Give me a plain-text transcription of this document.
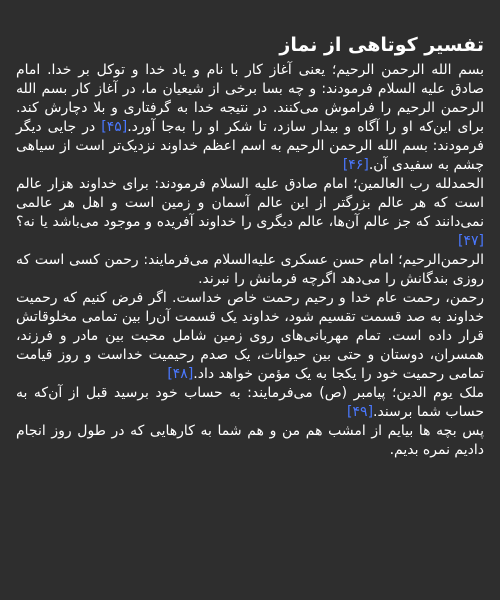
تفسیر کوتاهی از نماز

بسم الله الرحمن الرحیم؛ یعنی آغاز کار با نام و یاد خدا و توکل بر خدا. امام صادق علیه السلام فرمودند: و چه بسا برخی از شیعیان ما، در آغاز کار بسم الله الرحمن الرحیم را فراموش می‌کنند. در نتیجه خدا به گرفتاری و بلا دچارش کند. برای این‌که او را آگاه و بیدار سازد، تا شکر او را به‌جا آورد.[۴۵] در جایی دیگر فرمودند: بسم الله الرحمن الرحیم به اسم اعظم خداوند نزدیک‌تر است از سیاهی چشم به سفیدی آن.[۴۶]

الحمدلله رب العالمین؛ امام صادق علیه السلام فرمودند: برای خداوند هزار عالم است که هر عالم بزرگتر از این عالم آسمان و زمین است و اهل هر عالمی نمی‌دانند که جز عالم آن‌ها، عالم دیگری را خداوند آفریده و موجود می‌باشد یا نه؟[۴۷]

الرحمن‌الرحیم؛ امام حسن عسکری علیه‌السلام می‌فرمایند: رحمن کسی است که روزی بندگانش را می‌دهد اگرچه فرمانش را نبرند.

رحمن، رحمت عام خدا و رحیم رحمت خاص خداست. اگر فرض کنیم که رحمیت خداوند به صد قسمت تقسیم شود، خداوند یک قسمت آن‌را بین تمامی مخلوقاتش قرار داده است. تمام مهربانی‌های روی زمین شامل محبت بین مادر و فرزند، همسران، دوستان و حتی بین حیوانات، یک صدم رحیمیت خداست و روز قیامت تمامی رحمیت خود را یکجا به یک مؤمن خواهد داد.[۴۸]

ملک یوم الدین؛ پیامبر (ص) می‌فرمایند: به حساب خود برسید قبل از آن‌که به حساب شما برسند.[۴۹]

پس بچه ها بیایم از امشب هم من و هم شما به کارهایی که در طول روز انجام دادیم نمره بدیم.
